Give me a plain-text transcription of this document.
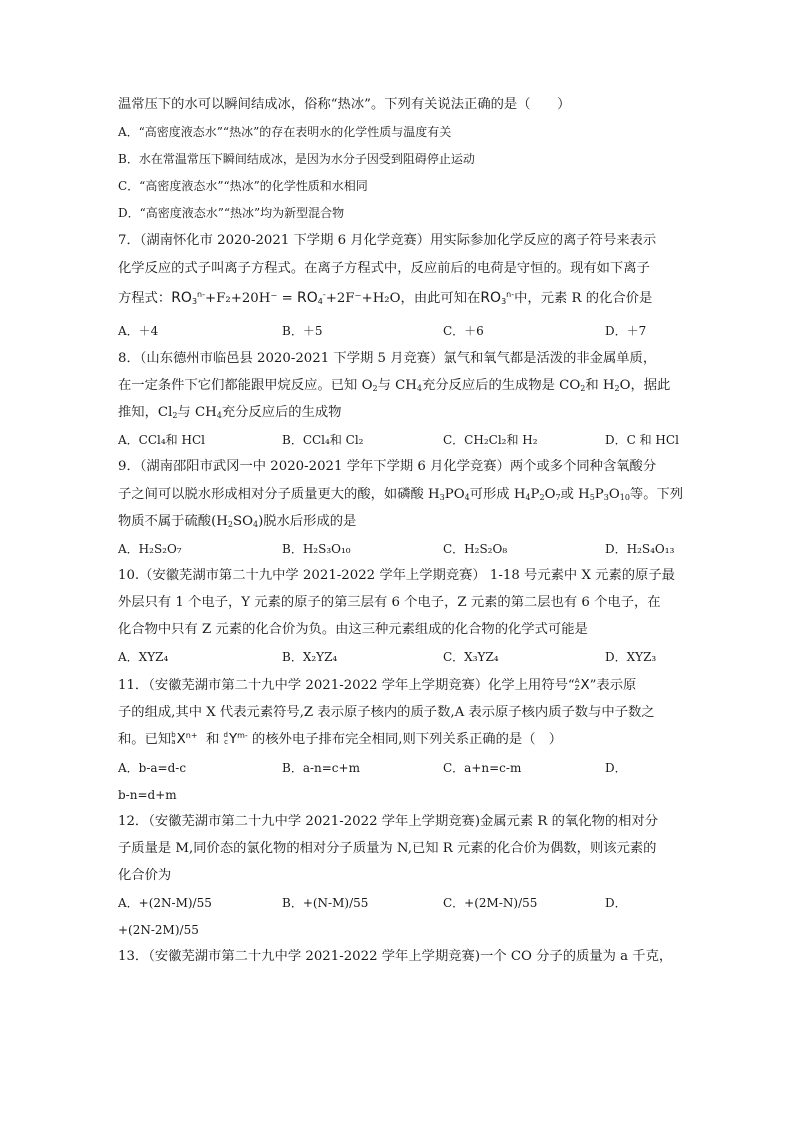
温常压下的水可以瞬间结成冰，俗称“热冰”。下列有关说法正确的是（　　）
A．“高密度液态水”“热冰”的存在表明水的化学性质与温度有关
B．水在常温常压下瞬间结成冰，是因为水分子因受到阻碍停止运动
C．“高密度液态水”“热冰”的化学性质和水相同
D．“高密度液态水”“热冰”均为新型混合物
7．（湖南怀化市 2020-2021 下学期 6 月化学竞赛）用实际参加化学反应的离子符号来表示
化学反应的式子叫离子方程式。在离子方程式中，反应前后的电荷是守恒的。现有如下离子
方程式：$RO_3^{n-}+F_2+20H^- = RO_4^-+2F^-+H_2O$，由此可知在$RO_3^{n-}$中，元素 R 的化合价是
A．＋4	B．＋5	C．＋6	D．＋7
8．（山东德州市临邑县 2020-2021 下学期 5 月竞赛）氯气和氧气都是活泼的非金属单质，
在一定条件下它们都能跟甲烷反应。已知 $O_2$与 $CH_4$充分反应后的生成物是 $CO_2$和 $H_2O$，据此
推知，$Cl_2$与 $CH_4$充分反应后的生成物
A．CCl₄和 HCl	B．CCl₄和 Cl₂	C．CH₂Cl₂和 H₂	D．C 和 HCl
9．（湖南邵阳市武冈一中 2020-2021 学年下学期 6 月化学竞赛）两个或多个同种含氧酸分
子之间可以脱水形成相对分子质量更大的酸，如磷酸 $H_3PO_4$可形成 $H_4P_2O_7$或 $H_5P_3O_{10}$等。下列
物质不属于硫酸$(H_2SO_4)$脱水后形成的是
A．H₂S₂O₇	B．H₂S₃O₁₀	C．H₂S₂O₈	D．H₂S₄O₁₃
10.（安徽芜湖市第二十九中学 2021-2022 学年上学期竞赛） 1-18 号元素中 X 元素的原子最
外层只有 1 个电子，Y 元素的原子的第三层有 6 个电子，Z 元素的第二层也有 6 个电子，在
化合物中只有 Z 元素的化合价为负。由这三种元素组成的化合物的化学式可能是
A．XYZ₄	B．X₂YZ₄	C．X₃YZ₄	D．XYZ₃
11．（安徽芜湖市第二十九中学 2021-2022 学年上学期竞赛）化学上用符号“A
ZX”表示原
子的组成,其中 X 代表元素符号,Z 表示原子核内的质子数,A 表示原子核内质子数与中子数之
和。已知b
$aX^{n+}$ 和 d
$cY^{m-}$ 的核外电子排布完全相同,则下列关系正确的是（　）
A．b-a=d-c	B．a-n=c+m	C．a+n=c-m	D．
b-n=d+m
12．（安徽芜湖市第二十九中学 2021-2022 学年上学期竞赛)金属元素 R 的氧化物的相对分
子质量是 M,同价态的氯化物的相对分子质量为 N,已知 R 元素的化合价为偶数，则该元素的
化合价为
A．+(2N-M)/55	B．+(N-M)/55	C．+(2M-N)/55	D．
+(2N-2M)/55
13．（安徽芜湖市第二十九中学 2021-2022 学年上学期竞赛)一个 CO 分子的质量为 a 千克，
